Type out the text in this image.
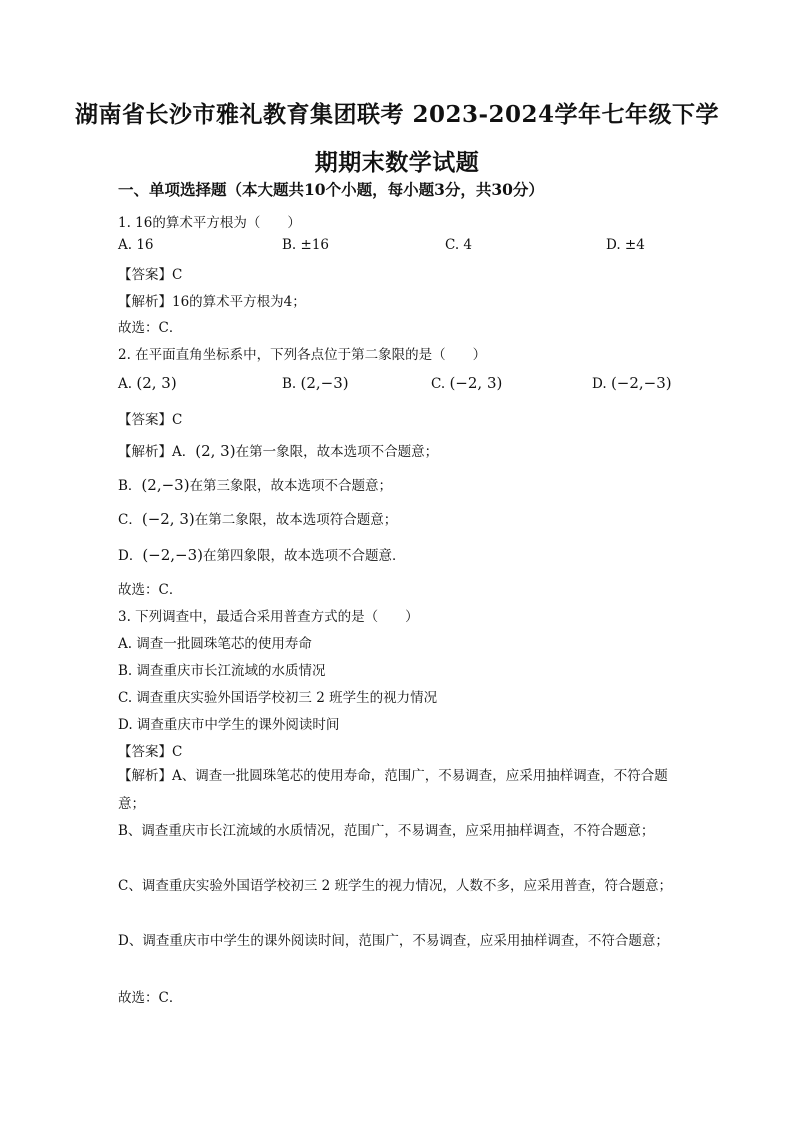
湖南省长沙市雅礼教育集团联考 2023-2024学年七年级下学
期期末数学试题
一、单项选择题（本大题共10个小题，每小题3分，共30分）
1. 16的算术平方根为（　　）
A. 16	B. ±16	C. 4	D. ±4
【答案】C
【解析】16的算术平方根为4；
故选：C．
2. 在平面直角坐标系中，下列各点位于第二象限的是（　　）
A. (2, 3)	B. (2,−3)	C. (−2, 3)	D. (−2,−3)
【答案】C
【解析】A．(2, 3)在第一象限，故本选项不合题意；
B．(2,−3)在第三象限，故本选项不合题意；
C．(−2, 3)在第二象限，故本选项符合题意；
D．(−2,−3)在第四象限，故本选项不合题意．
故选：C．
3. 下列调查中，最适合采用普查方式的是（　　）
A. 调查一批圆珠笔芯的使用寿命
B. 调查重庆市长江流域的水质情况
C. 调查重庆实验外国语学校初三 2 班学生的视力情况
D. 调查重庆市中学生的课外阅读时间
【答案】C
【解析】A、调查一批圆珠笔芯的使用寿命，范围广，不易调查，应采用抽样调查，不符合题意；
B、调查重庆市长江流域的水质情况，范围广，不易调查，应采用抽样调查，不符合题意；
C、调查重庆实验外国语学校初三 2 班学生的视力情况，人数不多，应采用普查，符合题意；
D、调查重庆市中学生的课外阅读时间，范围广，不易调查，应采用抽样调查，不符合题意；
故选：C．
